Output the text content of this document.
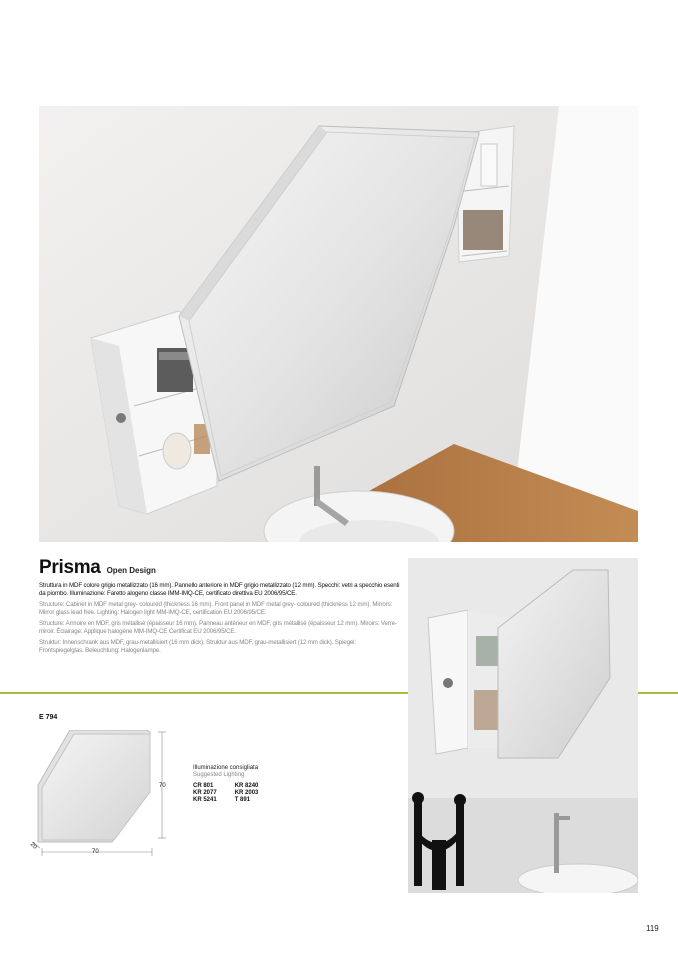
Prisma Open Design

Struttura in MDF colore grigio metallizzato (16 mm). Pannello anteriore in MDF grigio metallizzato (12 mm). Specchi: vetri a specchio esenti da piombo. Illuminazione: Faretto alogeno classe IMM-IMQ-CE, certificato direttiva EU 2006/95/CE.

Structure: Cabinet in MDF metal grey- coloured (thickness 16 mm). Front panel in MDF metal grey- coloured (thickness 12 mm). Mirrors: Mirror glass lead free. Lighting: Halogen light MM-IMQ-CE, certification EU 2006/95/CE.

Structure: Armoire en MDF, gris métallisé (épaisseur 16 mm). Panneau antérieur en MDF, gris métallisé (épaisseur 12 mm). Miroirs: Verre-miroir. Éclairage: Applique halogène MM-IMQ-CE Certificat EU 2006/95/CE.

Struktur: Innenschrank aus MDF, grau-metallisiert (16 mm dick). Struktur aus MDF, grau-metallisiert (12 mm dick). Spiegel: Frontspiegelglas. Beleuchtung: Halogenlampe.

E 794
70
70
20
Illuminazione consigliata
Suggested Lighting
CR 801	KR 8240
KR 2077	KR 2003
KR 5241	T 891
119
